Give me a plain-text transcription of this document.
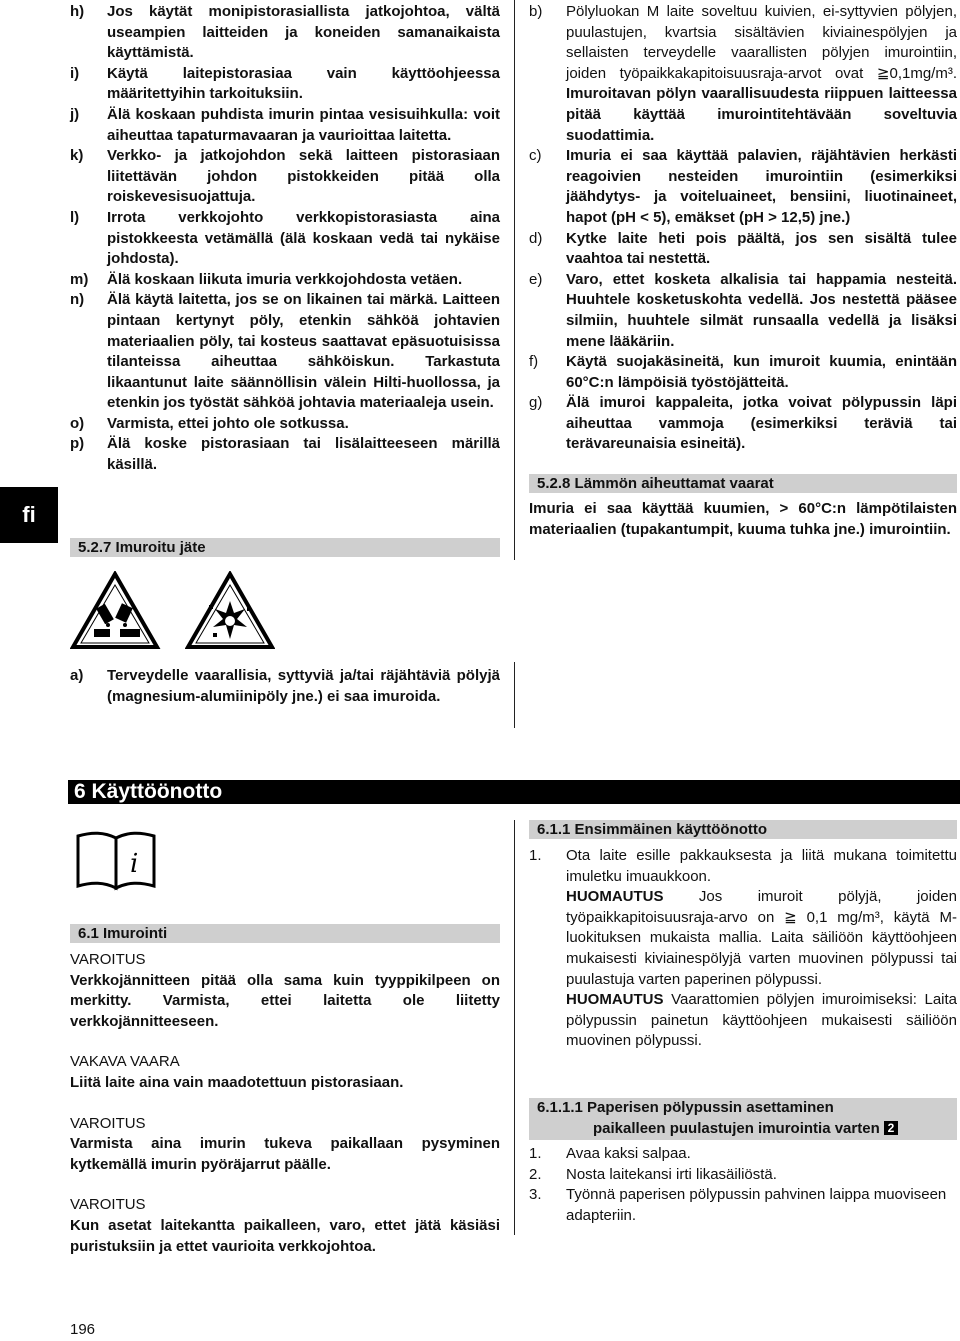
fi
h)	Jos käytät monipistorasiallista jatkojohtoa, vältä useampien laitteiden ja koneiden samanaikaista käyttämistä.
i)	Käytä laitepistorasiaa vain käyttöohjeessa määritettyihin tarkoituksiin.
j)	Älä koskaan puhdista imurin pintaa vesisuihkulla: voit aiheuttaa tapaturmavaaran ja vaurioittaa laitetta.
k)	Verkko- ja jatkojohdon sekä laitteen pistorasiaan liitettävän johdon pistokkeiden pitää olla roiskevesisuojattuja.
l)	Irrota verkkojohto verkkopistorasiasta aina pistokkeesta vetämällä (älä koskaan vedä tai nykäise johdosta).
m)	Älä koskaan liikuta imuria verkkojohdosta vetäen.
n)	Älä käytä laitetta, jos se on likainen tai märkä. Laitteen pintaan kertynyt pöly, etenkin sähköä johtavien materiaalien pöly, tai kosteus saattavat epäsuotuisissa tilanteissa aiheuttaa sähköiskun. Tarkastuta likaantunut laite säännöllisin välein Hilti-huollossa, ja etenkin jos työstät sähköä johtavia materiaaleja usein.
o)	Varmista, ettei johto ole sotkussa.
p)	Älä koske pistorasiaan tai lisälaitteeseen märillä käsillä.
5.2.7 Imuroitu jäte
a)	Terveydelle vaarallisia, syttyviä ja/tai räjähtäviä pölyjä (magnesium-alumiinipöly jne.) ei saa imuroida.
b)	Pölyluokan M laite soveltuu kuivien, ei-syttyvien pölyjen, puulastujen, kvartsia sisältävien kiviainespölyjen ja sellaisten terveydelle vaarallisten pölyjen imurointiin, joiden työpaikkakapitoisuusraja-arvot ovat ≧0,1mg/m³. Imuroitavan pölyn vaarallisuudesta riippuen laitteessa pitää käyttää imurointitehtävään soveltuvia suodattimia.
c)	Imuria ei saa käyttää palavien, räjähtävien herkästi reagoivien nesteiden imurointiin (esimerkiksi jäähdytys- ja voiteluaineet, bensiini, liuotinaineet, hapot (pH < 5), emäkset (pH > 12,5) jne.)
d)	Kytke laite heti pois päältä, jos sen sisältä tulee vaahtoa tai nestettä.
e)	Varo, ettet kosketa alkalisia tai happamia nesteitä. Huuhtele kosketuskohta vedellä. Jos nestettä pääsee silmiin, huuhtele silmät runsaalla vedellä ja lisäksi mene lääkäriin.
f)	Käytä suojakäsineitä, kun imuroit kuumia, enintään 60°C:n lämpöisiä työstöjätteitä.
g)	Älä imuroi kappaleita, jotka voivat pölypussin läpi aiheuttaa vammoja (esimerkiksi teräviä tai terävareunaisia esineitä).
5.2.8 Lämmön aiheuttamat vaarat
Imuria ei saa käyttää kuumien, > 60°C:n lämpötilaisten materiaalien (tupakantumpit, kuuma tuhka jne.) imurointiin.
6 Käyttöönotto
i
6.1 Imurointi
VAROITUS
Verkkojännitteen pitää olla sama kuin tyyppikilpeen on merkitty. Varmista, ettei laitetta ole liitetty verkkojännitteeseen.
VAKAVA VAARA
Liitä laite aina vain maadotettuun pistorasiaan.
VAROITUS
Varmista aina imurin tukeva paikallaan pysyminen kytkemällä imurin pyöräjarrut päälle.
VAROITUS
Kun asetat laitekantta paikalleen, varo, ettet jätä käsiäsi puristuksiin ja ettet vaurioita verkkojohtoa.
6.1.1 Ensimmäinen käyttöönotto
1.	Ota laite esille pakkauksesta ja liitä mukana toimitettu imuletku imuaukkoon.
HUOMAUTUS Jos imuroit pölyjä, joiden työpaikkapitoisuusraja-arvo on ≧ 0,1 mg/m³, käytä M-luokituksen mukaista mallia. Laita säiliöön käyttöohjeen mukaisesti kiviainespölyjä varten muovinen pölypussi tai puulastuja varten paperinen pölypussi.
HUOMAUTUS Vaarattomien pölyjen imuroimiseksi: Laita pölypussin painetun käyttöohjeen mukaisesti säiliöön muovinen pölypussi.
6.1.1.1 Paperisen pölypussin asettaminen
paikalleen puulastujen imurointia varten 2
1.	Avaa kaksi salpaa.
2.	Nosta laitekansi irti likasäiliöstä.
3.	Työnnä paperisen pölypussin pahvinen laippa muoviseen adapteriin.
196
